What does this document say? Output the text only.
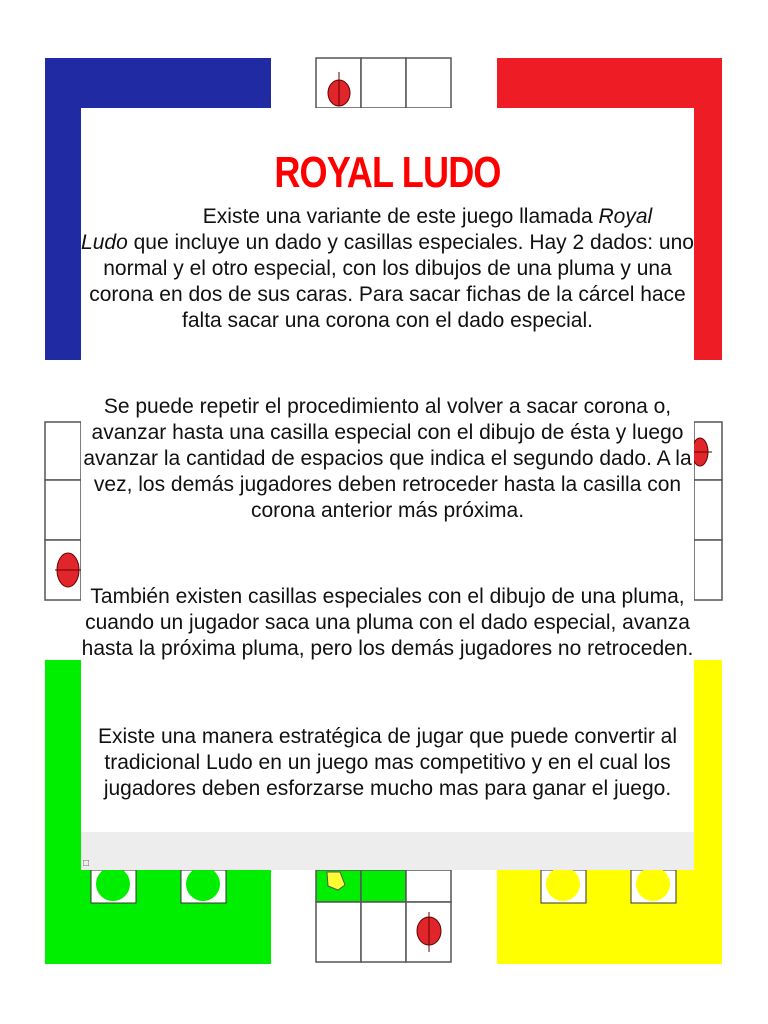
ROYAL LUDO
Existe una variante de este juego llamada Royal
Ludo que incluye un dado y casillas especiales. Hay 2 dados: uno normal y el otro especial, con los dibujos de una pluma y una corona en dos de sus caras. Para sacar fichas de la cárcel hace falta sacar una corona con el dado especial.
Se puede repetir el procedimiento al volver a sacar corona o, avanzar hasta una casilla especial con el dibujo de ésta y luego avanzar la cantidad de espacios que indica el segundo dado. A la vez, los demás jugadores deben retroceder hasta la casilla con corona anterior más próxima.
También existen casillas especiales con el dibujo de una pluma, cuando un jugador saca una pluma con el dado especial, avanza hasta la próxima pluma, pero los demás jugadores no retroceden.
Existe una manera estratégica de jugar que puede convertir al tradicional Ludo en un juego mas competitivo y en el cual los jugadores deben esforzarse mucho mas para ganar el juego.
□
